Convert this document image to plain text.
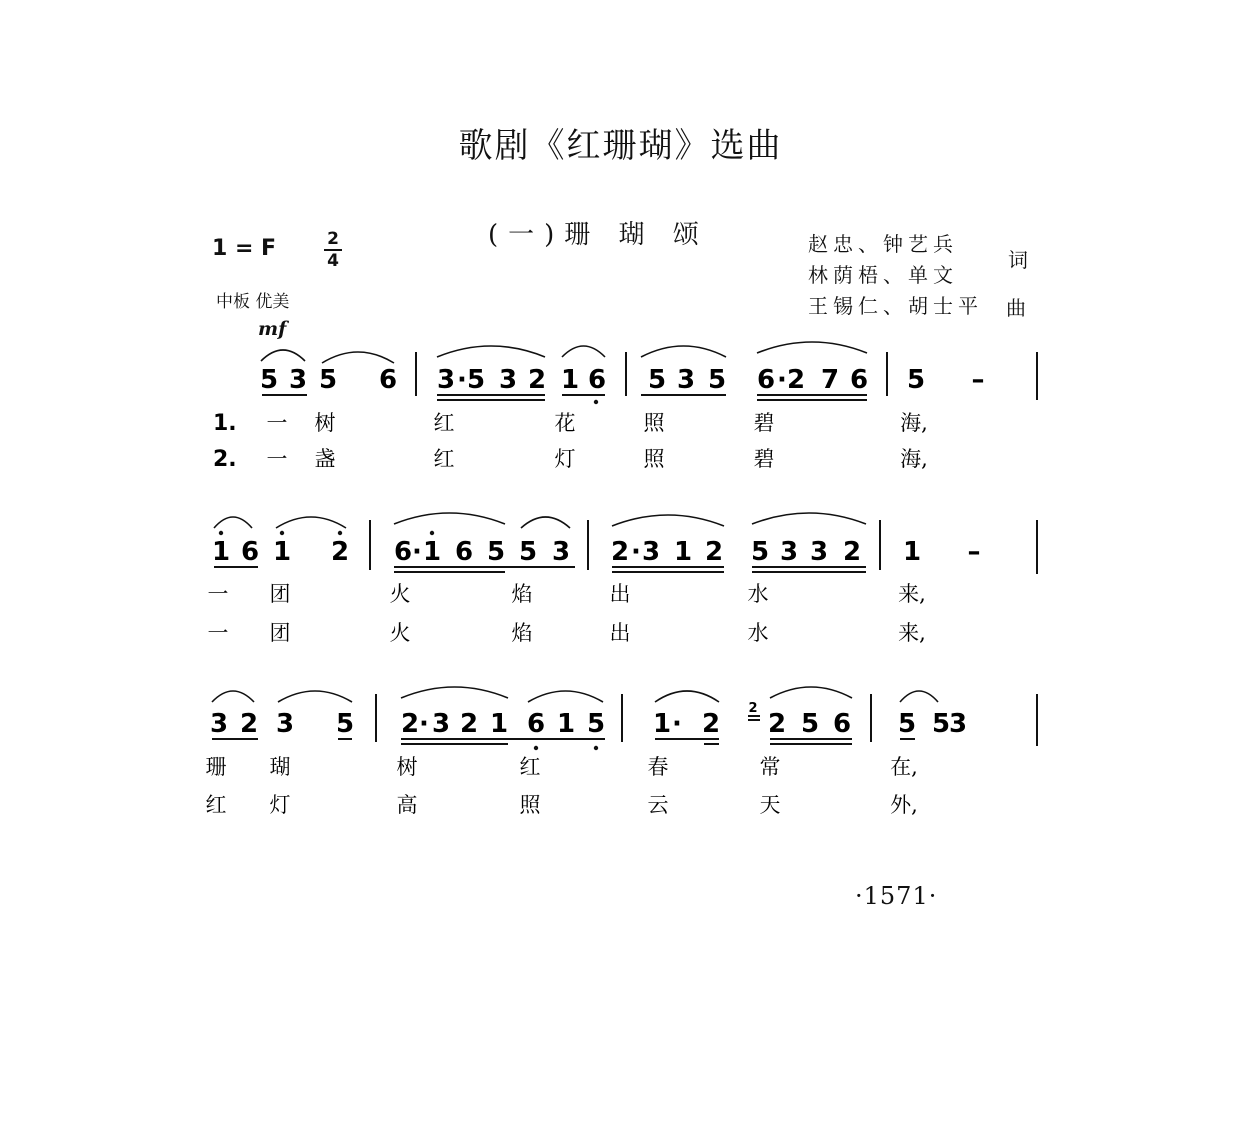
歌剧《红珊瑚》选曲
(一)珊 瑚 颂
1 = F	2
4
中板 优美
赵忠、钟艺兵
林荫梧、单文
词
王锡仁、胡士平 曲
mf
5 3 5 6 3 · 5 3 2 1 6 5 3 5 6 · 2 7 6 5 –
1 6 1 2 6 · 1 6 5 5 3 2 · 3 1 2 5 3 3 2 1 –
3 2 3 5 2 · 3 2 1 6 1 5 1 · 2 2 5 6 5 5
3
一 树	红	花	照	碧	海,
一 盏	红	灯	照	碧	海,
1.
2.
一 团	火	焰	出	水	来,
一 团	火	焰	出	水	来,
珊 瑚	树	红	春	常	在,
红 灯	高	照	云	天	外,
2
·1571·
